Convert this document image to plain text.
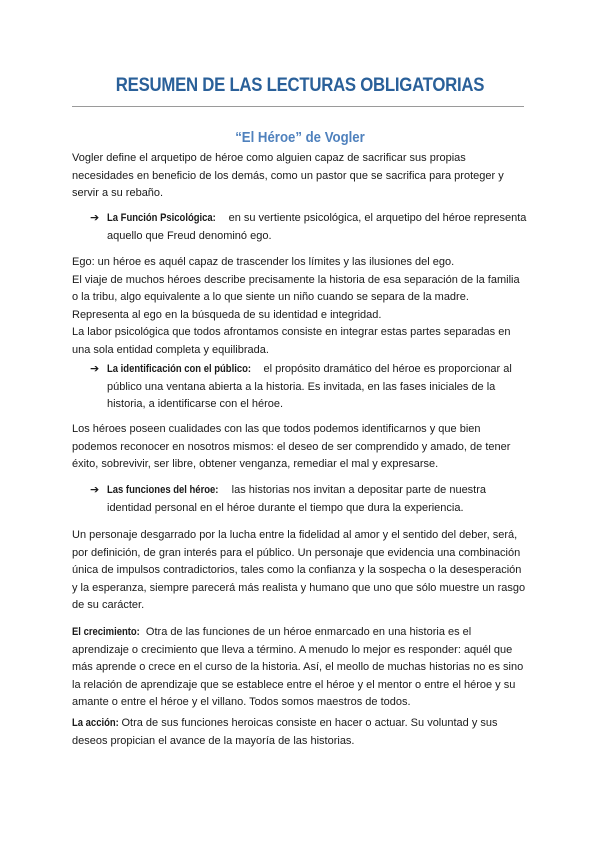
RESUMEN DE LAS LECTURAS OBLIGATORIAS
“El Héroe” de Vogler

Vogler define el arquetipo de héroe como alguien capaz de sacrificar sus propias necesidades en beneficio de los demás, como un pastor que se sacrifica para proteger y servir a su rebaño.

➔ La Función Psicológica: en su vertiente psicológica, el arquetipo del héroe representa aquello que Freud denominó ego.
Ego: un héroe es aquél capaz de trascender los límites y las ilusiones del ego.
El viaje de muchos héroes describe precisamente la historia de esa separación de la familia o la tribu, algo equivalente a lo que siente un niño cuando se separa de la madre.
Representa al ego en la búsqueda de su identidad e integridad.
La labor psicológica que todos afrontamos consiste en integrar estas partes separadas en una sola entidad completa y equilibrada.
➔ La identificación con el público: el propósito dramático del héroe es proporcionar al público una ventana abierta a la historia. Es invitada, en las fases iniciales de la historia, a identificarse con el héroe.

Los héroes poseen cualidades con las que todos podemos identificarnos y que bien podemos reconocer en nosotros mismos: el deseo de ser comprendido y amado, de tener éxito, sobrevivir, ser libre, obtener venganza, remediar el mal y expresarse.

➔ Las funciones del héroe: las historias nos invitan a depositar parte de nuestra identidad personal en el héroe durante el tiempo que dura la experiencia.

Un personaje desgarrado por la lucha entre la fidelidad al amor y el sentido del deber, será, por definición, de gran interés para el público. Un personaje que evidencia una combinación única de impulsos contradictorios, tales como la confianza y la sospecha o la desesperación y la esperanza, siempre parecerá más realista y humano que uno que sólo muestre un rasgo de su carácter.

El crecimiento: Otra de las funciones de un héroe enmarcado en una historia es el aprendizaje o crecimiento que lleva a término. A menudo lo mejor es responder: aquél que más aprende o crece en el curso de la historia. Así, el meollo de muchas historias no es sino la relación de aprendizaje que se establece entre el héroe y el mentor o entre el héroe y su amante o entre el héroe y el villano. Todos somos maestros de todos.

La acción: Otra de sus funciones heroicas consiste en hacer o actuar. Su voluntad y sus deseos propician el avance de la mayoría de las historias.
